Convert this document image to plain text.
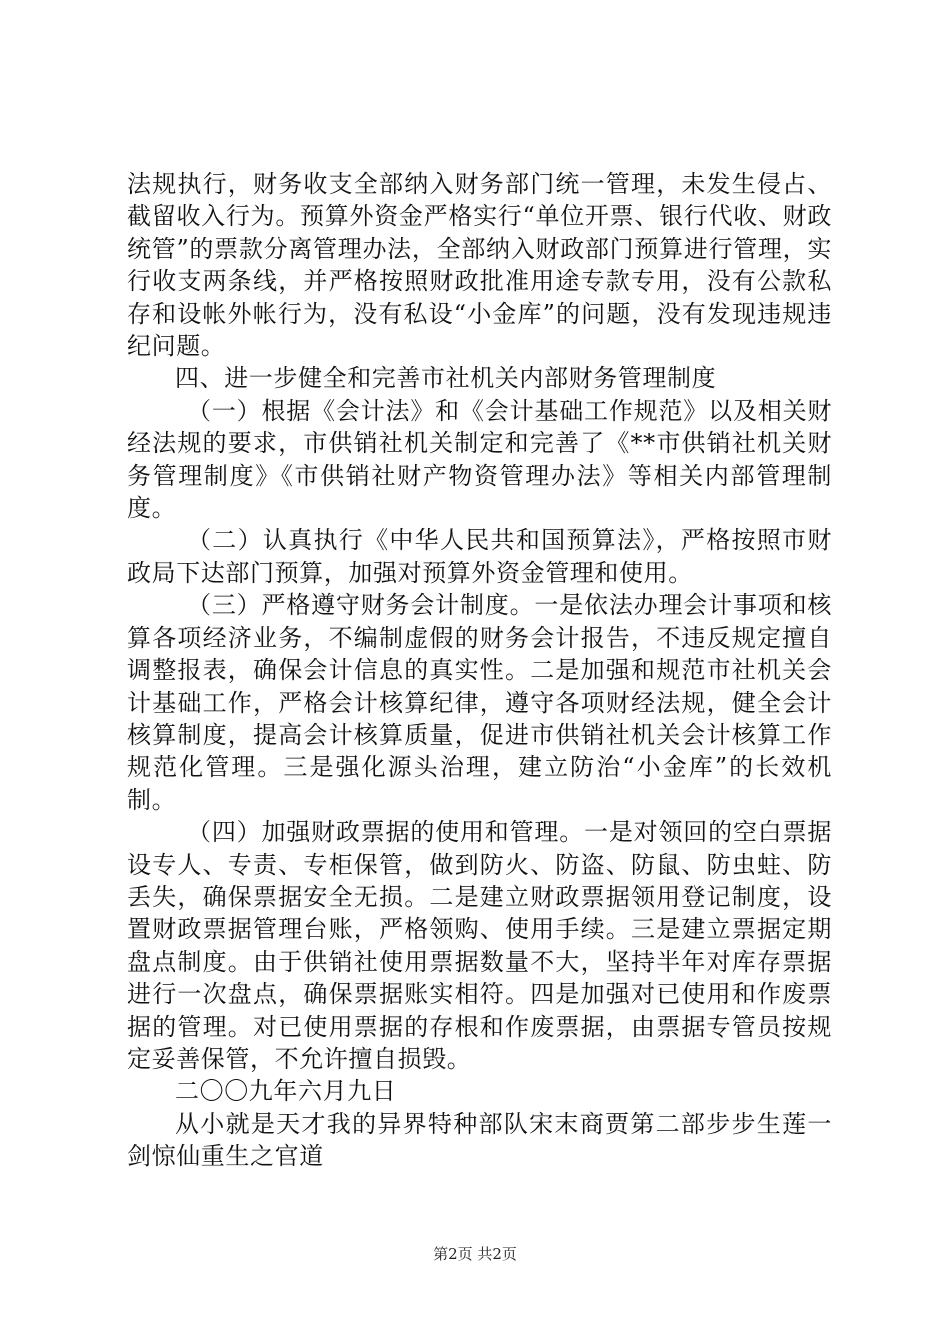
法规执行，财务收支全部纳入财务部门统一管理，未发生侵占、截留收入行为。预算外资金严格实行“单位开票、银行代收、财政统管”的票款分离管理办法，全部纳入财政部门预算进行管理，实行收支两条线，并严格按照财政批准用途专款专用，没有公款私存和设帐外帐行为，没有私设“小金库”的问题，没有发现违规违纪问题。

四、进一步健全和完善市社机关内部财务管理制度

（一）根据《会计法》和《会计基础工作规范》以及相关财经法规的要求，市供销社机关制定和完善了《**市供销社机关财务管理制度》《市供销社财产物资管理办法》等相关内部管理制度。

（二）认真执行《中华人民共和国预算法》，严格按照市财政局下达部门预算，加强对预算外资金管理和使用。

（三）严格遵守财务会计制度。一是依法办理会计事项和核算各项经济业务，不编制虚假的财务会计报告，不违反规定擅自调整报表，确保会计信息的真实性。二是加强和规范市社机关会计基础工作，严格会计核算纪律，遵守各项财经法规，健全会计核算制度，提高会计核算质量，促进市供销社机关会计核算工作规范化管理。三是强化源头治理，建立防治“小金库”的长效机制。

（四）加强财政票据的使用和管理。一是对领回的空白票据设专人、专责、专柜保管，做到防火、防盗、防鼠、防虫蛀、防丢失，确保票据安全无损。二是建立财政票据领用登记制度，设置财政票据管理台账，严格领购、使用手续。三是建立票据定期盘点制度。由于供销社使用票据数量不大，坚持半年对库存票据进行一次盘点，确保票据账实相符。四是加强对已使用和作废票据的管理。对已使用票据的存根和作废票据，由票据专管员按规定妥善保管，不允许擅自损毁。

二〇〇九年六月九日

从小就是天才我的异界特种部队宋末商贾第二部步步生莲一剑惊仙重生之官道

第2页 共2页
